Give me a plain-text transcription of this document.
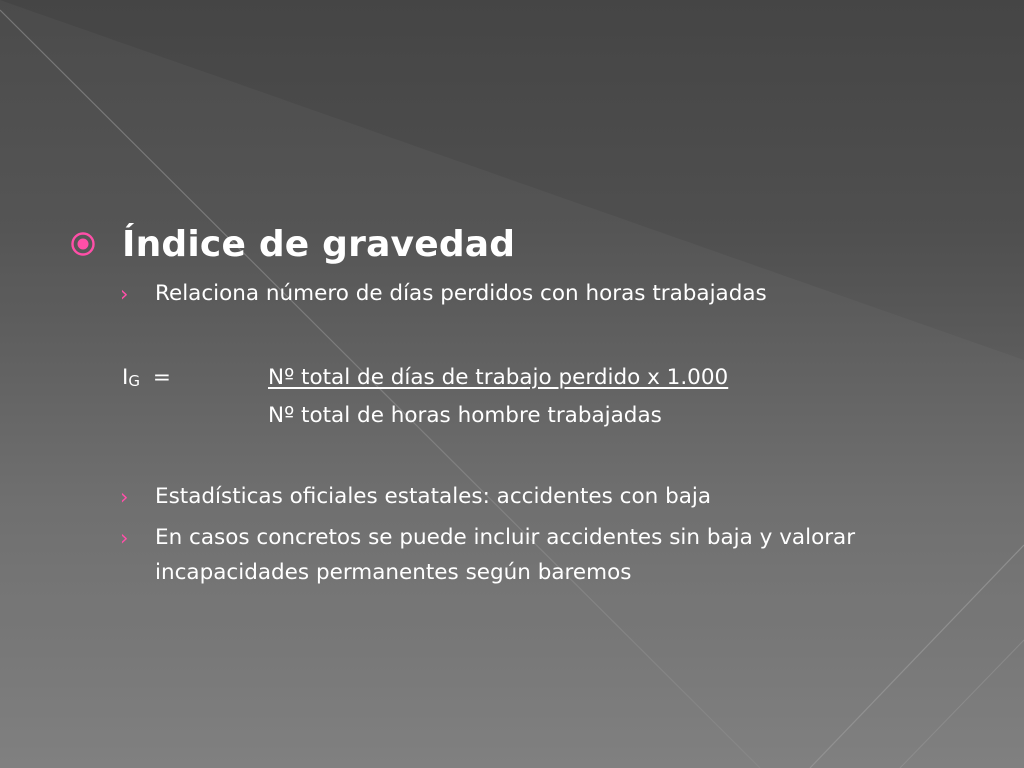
Índice de gravedad
› Relaciona número de días perdidos con horas trabajadas
$I_G$ =	Nº total de días de trabajo perdido x 1.000
Nº total de horas hombre trabajadas
› Estadísticas oficiales estatales: accidentes con baja
› En casos concretos se puede incluir accidentes sin baja y valorar incapacidades permanentes según baremos
